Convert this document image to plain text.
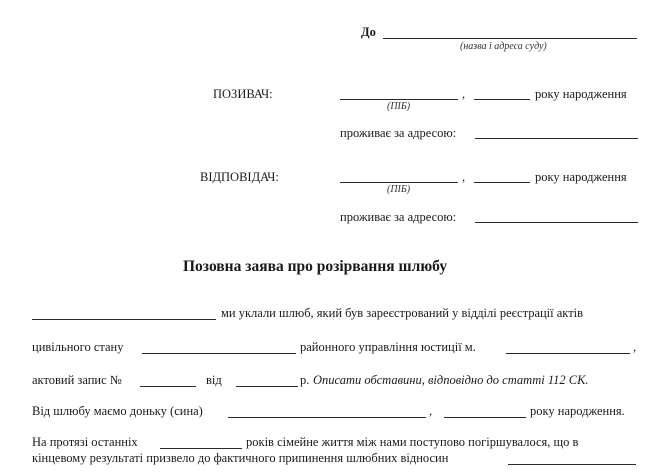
До
(назва і адреса суду)
ПОЗИВАЧ:
(ПІБ)
,	року народження
проживає за адресою:
ВІДПОВІДАЧ:
(ПІБ)
,	року народження
проживає за адресою:
Позовна заява про розірвання шлюбу
ми уклали шлюб, який був зареєстрований у відділі реєстрації актів
цивільного стану	районного управління юстиції м.	,
актовий запис №	від	р. Описати обставини, відповідно до статті 112 СК.
Від шлюбу маємо доньку (сина)	,	року народження.
На протязі останніх	років сімейне життя між нами поступово погіршувалося, що в
кінцевому результаті призвело до фактичного припинення шлюбних відносин
